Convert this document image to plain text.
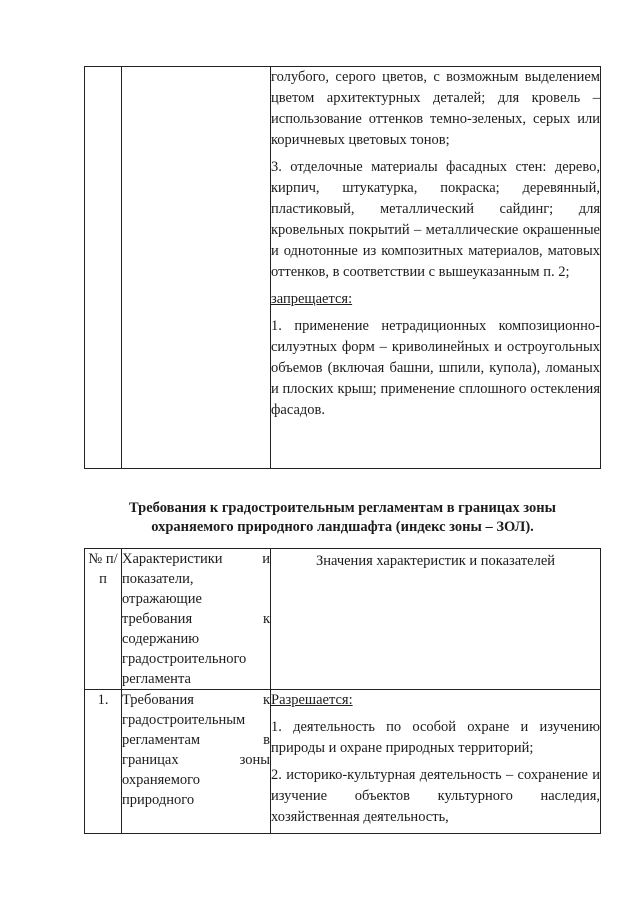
голубого, серого цветов, с возможным выделением цветом архитектурных деталей; для кровель – использование оттенков темно-зеленых, серых или коричневых цветовых тонов;

3. отделочные материалы фасадных стен: дерево, кирпич, штукатурка, покраска; деревянный, пластиковый, металлический сайдинг; для кровельных покрытий – металлические окрашенные и однотонные из композитных материалов, матовых оттенков, в соответствии с вышеуказанным п. 2;

запрещается:

1. применение нетрадиционных композиционно-силуэтных форм – криволинейных и остроугольных объемов (включая башни, шпили, купола), ломаных и плоских крыш; применение сплошного остекления фасадов.

Требования к градостроительным регламентам в границах зоны
охраняемого природного ландшафта (индекс зоны – ЗОЛ).
№ п/п	Характеристики и показатели, отражающие требования к содержанию градостроительного регламента	Значения характеристик и показателей
1.	Требования к градостроительным регламентам в границах зоны охраняемого природного	Разрешается:

1. деятельность по особой охране и изучению природы и охране природных территорий;

2. историко-культурная деятельность – сохранение и изучение объектов культурного наследия, хозяйственная деятельность,
